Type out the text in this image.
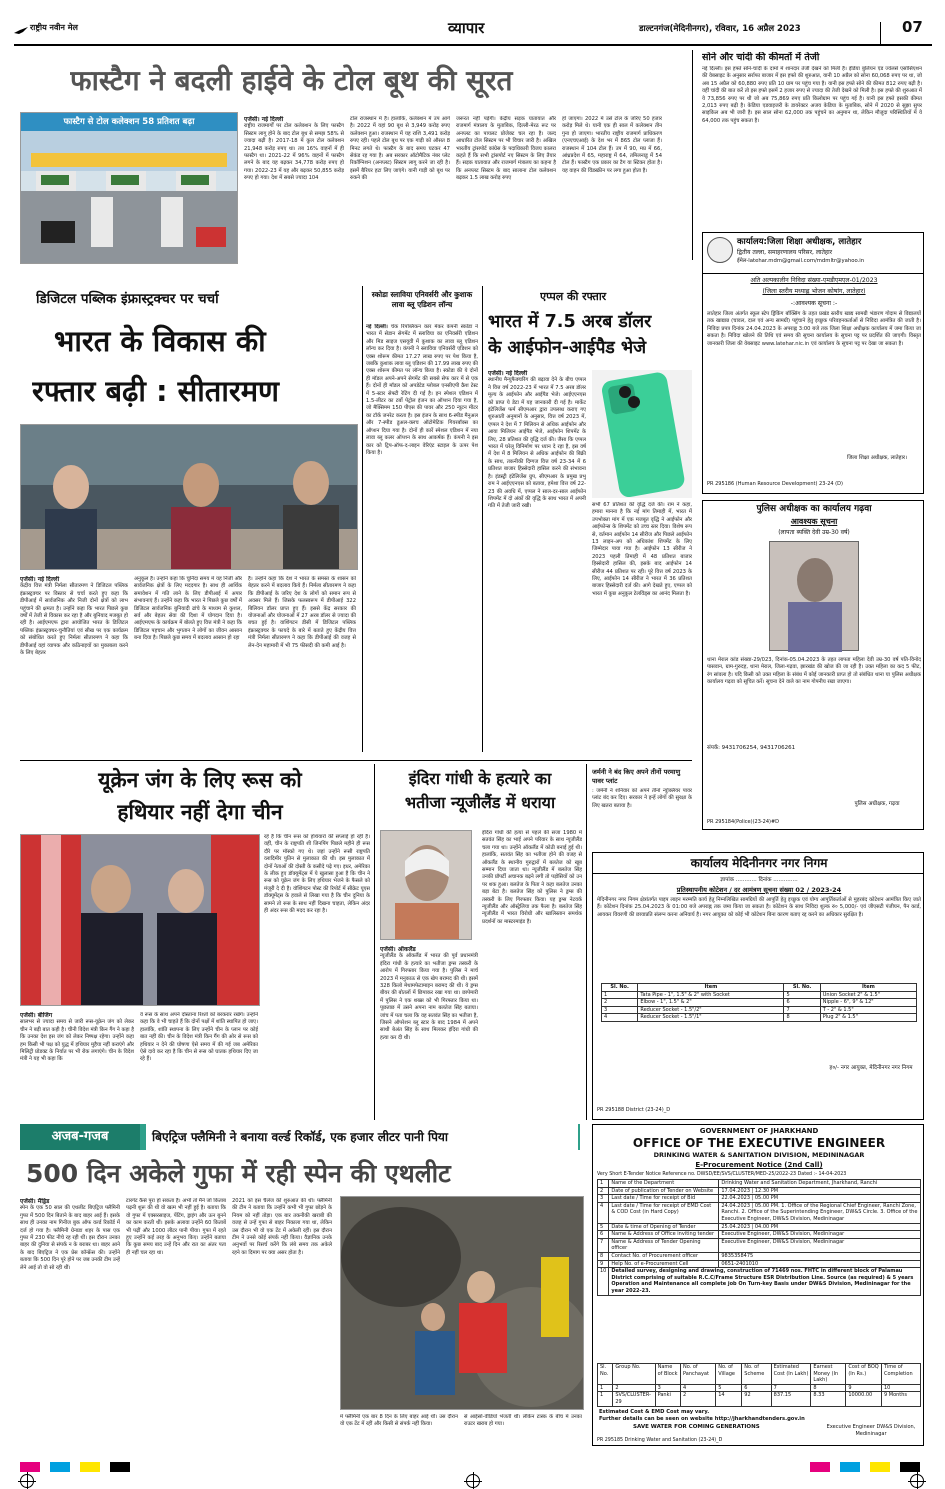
राष्ट्रीय नवीन मेल	व्यापार	डाल्टनगंज(मेदिनीनगर), रविवार, 16 अप्रैल 2023	07
फास्टैग ने बदली हाईवे के टोल बूथ की सूरत
फास्टैग से टोल कलेक्शन 58 प्रतिशत बढ़ा	एजेंसी। नई दिल्ली
राष्ट्रीय राजमार्गों पर टोल कलेक्शन के लिए फास्टैग सिस्टम लागू होने के बाद टोल बूथ से समझ 58% से ज्यादा बढ़ी है। 2017-18 में कुल टोल कलेक्शन 21,948 करोड़ रुपए था। तब 16% वाहनों में ही फास्टैग था। 2021-22 में 96% वाहनों में फास्टैग लगने के बाद यह बढ़कर 34,778 करोड़ रुपए हो गया। 2022-23 में यह और बढ़कर 50,855 करोड़ रुपए हो गया। देश में सबसे ज्यादा 104
टोल राजस्थान में हैं। हालांकि, कलेक्शन में उप आगे है। 2022 में यहां 90 बूथ से 3,949 करोड़ रुपए कलेक्शन हुआ। राजस्थान में यह राशि 3,491 करोड़ रुपए रही। पहले टोल बूथ पर एक गाड़ी को औसत 8 मिनट लगते थे। फास्टैग के बाद समय घटकर 47 सेकंड रह गया है। अब सरकार ऑटोमैटिक नंबर प्लेट रिकॉग्निशन (अनप्लट) सिस्टम लागू करने जा रही है। इसमें बैरियर हटा लिए जाएंगे। यानी गाड़ी को बूथ पर रुकने की
जरूरत नहीं पड़ेगी। केंद्रीय सड़क यातायात और राजमार्ग मंत्रालय के मुताबिक, दिल्ली-मेरठ रूट पर अनप्लट का पायलट प्रोजेक्ट चल रहा है। जल्द आधारित टोल सिस्टम पर भी विचार जारी है। अखिल भारतीय ट्रांसपोर्ट कांग्रेस के पदाधिकारी विजय कालरा कहते हैं कि सभी ट्रांसपोर्ट नए सिस्टम के लिए तैयार हैं। सड़क यातायात और राजमार्ग मंत्रालय का कहना है कि अनप्लट सिस्टम के बाद सालाना टोल कलेक्शन बढ़कर 1.5 लाख करोड़ रुपए
हो जाएगा। 2022 में उसे टोल के जरिए 50 हजार करोड़ मिले थे। यानी एक ही साल में कलेक्शन तीन गुना हो जाएगा। भारतीय राष्ट्रीय राजमार्ग प्राधिकरण (एनएचएआई) के देश भर में 865 टोल प्लाजा हैं। राजस्थान में 104 टोल हैं। उप में 90, मप्र में 66, आंध्रप्रदेश में 65, महाराष्ट्र में 64, तमिलनाडु में 54 टोल हैं। फास्टैग एक प्रकार का टैग या स्टिकर होता है। यह वाहन की विंडस्क्रीन पर लगा हुआ होता है।
सोने और चांदी की कीमतों में तेजी
नई दिल्ली। इस हफ्ते सोने-चांदी के दामों में शानदार तेजी देखने को मिली है। इंडिया बुलियन एंड ज्वेलर्स एसोसिएशन की वेबसाइट के अनुसार सर्राफा बाजार में इस हफ्ते की शुरुआत, यानी 10 अप्रैल को सोना 60,068 रुपए पर था, जो अब 15 अप्रैल को 60,880 रुपए प्रति 10 ग्राम पर पहुंच गया है। यानी इस हफ्ते सोने की कीमत 812 रुपए बढ़ी है। वहीं चांदी की बात करें तो इस हफ्ते इसमें 2 हजार रुपए से ज्यादा की तेजी देखने को मिली है। इस हफ्ते की शुरुआत में ये 73,856 रुपए पर थी जो अब 75,869 रुपए प्रति किलोग्राम पर पहुंच गई है। यानी इस हफ्ते इसकी कीमत 2,013 रुपए बढ़ी है। केडिया एडवाइजरी के डायरेक्टर अजय केडिया के मुताबिक, सोने में 2020 से सुझा सुपर साइकिल अब भी जारी है। इस साल सोना 62,000 तक पहुंचने का अनुमान था, लेकिन मौजूदा परिस्थितियों में ये 64,000 तक पहुंच सकता है।
कार्यालय:जिला शिक्षा अधीक्षक, लातेहार
द्वितीय तल्ला, समाहरणालय परिसर, लातेहार
ईमेल-latehar.mdm@gmail.com/mdmltr@yahoo.in
अति अल्पकालीन निविदा संख्या-एमडीएमएल-01/2023
(जिला स्तरीय मध्याह्न भोजन कोषांग, लातेहार)
-:आवश्यक सूचना :-
लातेहार जिला अंतर्गत स्कूल स्टेप ड्रिंकिंग बॉक्सिंग के तहत प्रखंड स्तरीय खाद्य सामग्री भंडारण गोदाम से विद्यालयों तक खाद्यान्न (चावल, दाल एवं अन्य सामग्री) पहुंचाने हेतु इच्छुक परिवहनकर्ताओं से निविदा आमंत्रित की जाती है। निविदा प्रपत्र दिनांक 24.04.2023 के अपराह्न 3:00 बजे तक जिला शिक्षा अधीक्षक कार्यालय में जमा किया जा सकता है। निविदा खोलने की तिथि एवं समय की सूचना कार्यालय के सूचना पट्ट पर प्रदर्शित की जाएगी। विस्तृत जानकारी जिला की वेबसाइट www.latehar.nic.in एवं कार्यालय के सूचना पट्ट पर देखा जा सकता है।
जिला शिक्षा अधीक्षक, लातेहार।
PR 295186 (Human Resource Development) 23-24 (D)
पुलिस अधीक्षक का कार्यालय गढ़वा
आवश्यक सूचना
(लापता ब्यक्ति देवी उम्र-30 वर्ष)
थाना मेराल कांड संख्या-29/023, दिनांक-05.04.2023 के तहत लापता महिला देवी उम्र-30 वर्ष पति-विनोद पासवान, ग्राम-गुरुदह, थाना मेराल, जिला-गढ़वा, झारखंड की खोज की जा रही है। उक्त महिला का कद 5 फीट, रंग सांवला है। यदि किसी को उक्त महिला के संबंध में कोई जानकारी प्राप्त हो तो संबंधित थाना या पुलिस अधीक्षक कार्यालय गढ़वा को सूचित करें। सूचना देने वाले का नाम गोपनीय रखा जाएगा।
संपर्क: 9431706254, 9431706261
पुलिस अधीक्षक, गढ़वा
PR 295184(Police)(23-24)#D
डिजिटल पब्लिक इंफ्रास्ट्रक्चर पर चर्चा
भारत के विकास की
रफ्तार बढ़ी : सीतारमण
एजेंसी। नई दिल्ली
केंद्रीय वित्त मंत्री निर्मला सीतारमण ने डिजिटल पब्लिक इंफ्रास्ट्रक्चर पर विस्तार से चर्चा करते हुए कहा कि डीपीआई में सार्वजनिक और निजी दोनों क्षेत्रों को लाभ पहुंचाने की क्षमता है। उन्होंने कहा कि भारत पिछले कुछ वर्षों में तेजी से विकास कर रहा है और बुनियाद मजबूत हो रही है। आईएमएफ द्वारा आयोजित भारत के डिजिटल पब्लिक इंफ्रास्ट्रक्चर-चुनौतियां एवं सीख पर एक कार्यक्रम को संबोधित करते हुए निर्मला सीतारमण ने कहा कि डीपीआई वहां व्यापक और कठिनाइयों का मुकाबला करने के लिए बेहतर
अनुकूल है। उन्होंने कहा कि चुनिंदा समय में यह निजी और सार्वजनिक क्षेत्रों के लिए मददगार है। साथ ही आर्थिक समावेशन में गति लाने के लिए डीपीआई में अपार संभावनाएं हैं। उन्होंने कहा कि भारत ने पिछले कुछ वर्षों में डिजिटल सार्वजनिक बुनियादी ढांचे के माध्यम से कुशल, सर्व और बेहतर सेवा की दिशा में योगदान दिया है। आईएमएफ के कार्यक्रम में बोलते हुए वित्त मंत्री ने कहा कि डिजिटल पहचान और भुगतान ने लोगों का जीवन आसान बना दिया है। पिछले कुछ समय में बदलाव आसान हो रहा
है। उन्होंने कहा कि देश ने भारत के समस्त के शासन को बेहतर करने में बदलाव किये हैं। निर्मला सीतारमण ने कहा कि डीपीआई के जरिए देश के लोगों को समान रूप से अवसर मिले हैं। जिसके फलस्वरूप में डीपीआई 322 बिलियन डॉलर प्राप्त हुए हैं। इससे केंद्र सरकार की योजनाओं और योजनाओं में 27 अरब डॉलर से ज्यादा की बचत हुई है। वाशिंगटन डीसी में डिजिटल पब्लिक इंफ्रास्ट्रक्चर के फायदे के बारे में बताते हुए केंद्रीय वित्त मंत्री निर्मला सीतारमण ने कहा कि डीपीआई की वजह से लेन-देन महामारी में भी 75 फीसदी की कमी आई है।
स्कोडा स्लाविया एनिवर्सरी और कुशाक लावा ब्लू एडिशन लॉन्च
नई दिल्ली। चेक रिपब्लिकन कार मेकर कंपनी स्कोडा ने भारत में सेडान सेगमेंट में स्लाविया का एनिवर्सरी एडिशन और मिड साइज एसयूवी में कुशाक का लावा ब्लू एडिशन लॉन्च कर दिया है। कंपनी ने स्लाविया एनिवर्सरी एडिशन को एक्स शोरूम कीमत 17.27 लाख रुपए पर पेश किया है, जबकि कुशाक लावा ब्लू एडिशन की 17.99 लाख रुपए की एक्स शोरूम कीमत पर लॉन्च किया है। स्कोडा की ये दोनों ही मॉडल अपने-अपने सेगमेंट की सबसे सेफ कार में से एक हैं। दोनों ही मॉडल को अपडेटेड ग्लोबल एनसीएपी क्रैश टेस्ट में 5-स्टार सेफ्टी रेटिंग दी गई है। इन स्पेशल एडिशन में 1.5-लीटर का टर्बो पेट्रोल इंजन का ऑप्शन दिया गया है, जो मैक्सिमम 150 पीएस की पावर और 250 न्यूटन मीटर का टॉर्क जनरेट करता है। इस इंजन के साथ 6-स्पीड मैनुअल और 7-स्पीड डुअल-क्लच ऑटोमेटिक गियरबॉक्स का ऑप्शन दिया गया है। दोनों ही कारें स्पेशल एडिशन में नया लावा ब्लू कलर ऑप्शन के साथ आकर्षक हैं। कंपनी ने इस कार को ट्रिप-ऑफ-द-लाइन वेरिएंट स्टाइल के ऊपर पेश किया है।
एप्पल की रफ्तार
भारत में 7.5 अरब डॉलर
के आईफोन-आईपैड भेजे
एजेंसी। नई दिल्ली
स्थानीय मैन्युफैक्चरिंग की बढ़ावा देने के बीच एप्पल ने वित्त वर्ष 2022-23 में भारत में 7.5 अरब डॉलर मूल्य के आईफोन और आईपैड भेजे। आईएएनएस को प्राप्त ये डेटा में यह जानकारी दी गई है। मार्केट इंटेलिजेंस फर्म सीएमआर द्वारा उपलब्ध कराए गए शुरुआती अनुमानों के अनुसार, वित्त वर्ष 2023 में, एप्पल ने देश में 7 मिलियन से अधिक आईफोन और आया मिलियन आईपैड भेजे, आईफोन शिपमेंट के लिए, 28 प्रतिशत की वृद्धि दर्ज की। जैसा कि एप्पल भारत में घरेलू विनिर्माण पर ध्यान दे रहा है, इस वर्ष में देश में 8 मिलियन से अधिक आईफोन की बिक्री के साथ, तकनीकी दिग्गज वित्त वर्ष 23-34 में 6 प्रतिशत बाजार हिस्सेदारी हासिल करने की संभावना है। इंडस्ट्री इंटेलिजेंस ग्रुप, सीएमआर के प्रमुख प्रभु राम ने आईएएनएस को बताया, हमेशा वित्त वर्ष 22-23 की अवधि में, एप्पल ने साल-दर-साल आईफोन शिपमेंट में दो अंकों की वृद्धि के साथ भारत में अपनी गति में तेजी जारी रखी।	सभी 67 प्रतिशत की वृद्धि दर्ज की। राम ने कहा, हमारा मानना है कि नई मांग तिमाही में, भारत में उपभोक्ता मांग में एक मजबूत वृद्धि ने आईफोन और आईफोन्स के शिपमेंट को उच्च स्तर दिया। विशेष रूप से, वर्तमान आईफोन 14 सीरीज और पिछले आईफोन 13 लाइन-अप को अधिकांश शिपमेंट के लिए जिम्मेदार पाया गया है। आईफोन 13 सीरीज ने 2023 पहली तिमाही में 48 प्रतिशत बाजार हिस्सेदारी हासिल की, इसके बाद आईफोन 14 सीरीज 44 प्रतिशत पर रही। पूरे वित्त वर्ष 2023 के लिए, आईफोन 14 सीरीज ने भारत में 36 प्रतिशत बाजार हिस्सेदारी दर्ज की। आगे देखते हुए, एप्पल को भारत में कुछ अनुकूल टेलविंड्स का आनंद मिलता है।
यूक्रेन जंग के लिए रूस को
हथियार नहीं देगा चीन
एजेंसी। बीजिंग
सालभर से ज्यादा समय से जारी रूस-यूक्रेन जंग को लेकर चीन ने बड़ी बात कही है। चीनी विदेश मंत्री किन गैंग ने कहा है कि उनका देश इस जंग को लेकर निष्पक्ष रहेगा। उन्होंने कहा हम किसी भी पक्ष को युद्ध में हथियार मुहैया नहीं कराएंगे और मिलिट्री प्रोडक्ट के निर्यात पर भी रोक लगाएंगे। चीन के विदेश मंत्री ने यह भी कहा कि
वे रूस के साथ अपने दोस्ताना रिश्तों को बरकरार रखेंगे। उन्होंने कहा कि वे भी चाहते हैं कि दोनों पक्षों में शांति स्थापित हो जाए। हालांकि, शांति स्थापना के लिए उन्होंने चीन के प्लान पर कोई बात नहीं की। चीन के विदेश मंत्री किन गैंग की ओर से रूस को हथियार न देने की घोषणा ऐसे समय में की गई जब अमेरिका ऐसे दावे कर रहा है कि चीन से रूस को घातक हथियार दिए जा रहे हैं।
रहे हैं कि चीन रूस को हथियारों की सप्लाई हो रही है। वहीं, चीन के राष्ट्रपति शी जिनपिंग पिछले महीने ही रूस दौरे पर मॉस्को गए थे। जहां उन्होंने रूसी राष्ट्रपति व्लादिमीर पुतिन से मुलाकात की थी। इस मुलाकात में दोनों नेताओं की दोस्ती के कसीदे पढ़े गए। इधर, अमेरिका के लीक हुए डॉक्यूमेंट्स में ये खुलासा हुआ है कि चीन ने रूस को यूक्रेन जंग के लिए हथियार भेजने के फैसले को मंजूरी दे दी है। वॉशिंगटन पोस्ट की रिपोर्ट में सीक्रेट यूएस डॉक्यूमेंट्स के हवाले से लिखा गया है कि चीन दुनिया के सामने तो रूस के साथ नहीं दिखना चाहता, लेकिन अंदर ही अंदर रूस की मदद कर रहा है।
इंदिरा गांधी के हत्यारे का
भतीजा न्यूजीलैंड में धराया
एजेंसी। ऑकलैंड
न्यूजीलैंड के ऑकलैंड में भारत की पूर्व प्रधानमंत्री इंदिरा गांधी के हत्यारे का भतीजा ड्रग्स तस्करी के आरोप में गिरफ्तार किया गया है। पुलिस ने मार्च 2023 में मनुकाऊ से एक खेप बरामद की थी। इसमें 328 किलो मेथामफेटामाइन बरामद की थी। ये ड्रग्स बीयर की बोतलों में छिपाकर रखा गया था। छापेमारी में पुलिस ने एक शख्स को भी गिरफ्तार किया था। पूछताछ में उसने अपना नाम बलतेज सिंह बताया। जांच में पता चला कि वह सतवंत सिंह का भतीजा है, जिसने ऑपरेशन ब्लू स्टार के बाद 1984 में अपने साथी बेअंत सिंह के साथ मिलकर इंदिरा गांधी की हत्या कर दी थी।
इंदिरा गांधी की हत्या से पहले की सजा 1980 में सतवंत सिंह का भाई अपने परिवार के साथ न्यूजीलैंड चला गया था। उन्होंने ऑकलैंड में कोठी बनाई हुई थी। हालांकि, सतवंत सिंह का भतीजा होने की वजह से ऑकलैंड के स्थानीय गुरुद्वारों में बलतेज को खूब सम्मान दिया जाता था। न्यूजीलैंड में बलतेज सिंह उनकी प्रॉपर्टी अचानक बढ़ने लगी तो पड़ोसियों को उन पर शक हुआ। बलतेज के पिता ने कहा बलतेज उनका बड़ा बेटा है। बलतेज सिंह को पुलिस ने ड्रग्स की तस्करी के लिए गिरफ्तार किया। यह ड्रग्स नेटवर्क न्यूजीलैंड और ऑस्ट्रेलिया तक फैला है। बलतेज सिंह न्यूजीलैंड में भारत विरोधी और खालिस्तान समर्थक प्रदर्शनों का मास्टरमाइंड है।
जर्मनी ने बंद किए अपने तीनों परमाणु पावर प्लांट
: जर्मनी ने शनिवार को अपने तीनों न्यूक्लियर पावर प्लांट बंद कर दिए। सरकार ने इन्हें लोगों की सुरक्षा के लिए खतरा बताया है।
कार्यालय मेदिनीनगर नगर निगम
ज्ञापांक ............ दिनांक ..............
प्रतिस्थापनीय कोटेशन / दर आमंत्रण सूचना संख्या 02 / 2023-24
मेदिनीनगर नगर निगम क्षेत्रांतर्गत पाइप लाइन मरम्मति कार्य हेतु निम्नलिखित सामग्रियों की आपूर्ति हेतु इच्छुक एवं योग्य आपूर्तिकर्ताओं से मुहरबंद कोटेशन आमंत्रित किए जाते हैं। कोटेशन दिनांक 25.04.2023 के 01:00 बजे अपराह्न तक जमा किया जा सकता है। कोटेशन के साथ निविदा शुल्क रु० 5,000/- एवं जीएसटी पंजीयन, पैन कार्ड, आयकर विवरणी की छायाप्रति संलग्न करना अनिवार्य है। नगर आयुक्त को कोई भी कोटेशन बिना कारण बताए रद्द करने का अधिकार सुरक्षित है।
Sl. No.	Item	Sl. No.	Item
1	Tata Pipe - 1", 1.5" & 2" with Socket	5	Union Socket 2" & 1.5"
2	Elbow - 1", 1.5" & 2"	6	Nipple - 6", 9" & 12"
3	Reducer Socket - 1.5"/2"	7	T - 2" & 1.5"
4	Reducer Socket - 1.5"/1"	8	Plug 2" & 1.5"
ह०/- नगर आयुक्त, मेदिनीनगर नगर निगम
PR 295188 District (23-24)_D
अजब-गजब	बिएट्रिज फ्लैमिनी ने बनाया वर्ल्ड रिकॉर्ड, एक हजार लीटर पानी पिया
500 दिन अकेले गुफा में रही स्पेन की एथलीट
एजेंसी। मैड्रिड
स्पेन के एक 50 साल की एथलीट बिएट्रिज फ्लैमिनी गुफा में 500 दिन बिताने के बाद बाहर आई हैं। इसके साथ ही उनका नाम गिनीज बुक ऑफ वर्ल्ड रिकॉर्ड में दर्ज हो गया है। फ्लैमिनी ग्रेनाडा शहर के पास एक गुफा में 230 फीट नीचे रह रही थीं। इस दौरान उनका बाहर की दुनिया से संपर्क न के बराबर था। बाहर आने के बाद बिएट्रिज ने एक प्रेस कॉन्फ्रेंस की। उन्होंने बताया कि 500 दिन पूरे होने पर जब उनकी टीम उन्हें लेने आई तो वो सो रही थीं।
टारगेट कैसे पूरा हो सकता है। अभी तो मैंने जो किताब पढ़नी शुरू की थी वो खत्म भी नहीं हुई है। बताया कि वो गुफा में एक्सरसाइज, पेंटिंग, ड्राइंग और ऊन बुनने का काम करती थीं। इसके अलावा उन्होंने 60 किताबें भी पढ़ीं और 1000 लीटर पानी पीया। गुफा में रहते हुए उन्होंने कई तरह के अनुभव किए। उन्होंने बताया कि कुछ समय बाद उन्हें दिन और रात का अंतर पता ही नहीं चल रहा था।
2021 को इस चैलेंज की शुरुआत की थी। फ्लैमिनी की टीम ने बताया कि उन्होंने कभी भी गुफा छोड़ने के नियम को नहीं तोड़ा। एक बार तकनीकी खराबी की वजह से उन्हें गुफा से बाहर निकाला गया था, लेकिन उस दौरान भी वो एक टेंट में अकेली रहीं। इस दौरान टीम ने उनसे कोई संपर्क नहीं किया। वैज्ञानिक उनके अनुभवों पर रिसर्च करेंगे कि लंबे समय तक अकेले रहने का दिमाग पर क्या असर होता है।
में फ्लैमिनी एक बार 8 दिन के लिए बाहर आई थीं। उस दौरान वो एक टेंट में रहीं और किसी से संपर्क नहीं किया।
से आईसो-वीडियो भेजती थीं। लेकिन टास्क के बीच में उनका राउटर खराब हो गया।
GOVERNMENT OF JHARKHAND
OFFICE OF THE EXECUTIVE ENGINEER
DRINKING WATER & SANITATION DIVISION, MEDININAGAR
E-Procurement Notice (2nd Call)
Very Short E-Tender Notice Reference no. DWSD/EE/SVS/CLUSTER/MED-25/2022-23 Dated :- 14-04-2023
1	Name of the Department	Drinking Water and Sanitation Department, Jharkhand, Ranchi
2	Date of publication of Tender on Website	17.04.2023 | 12.30 PM
3	Last date / Time for receipt of Bid	22.04.2023 | 05.00 PM
4	Last date / Time for receipt of EMD Cost & COD Cost (in Hard Copy)	24.04.2023 | 05.00 PM. 1. Office of the Regional Chief Engineer, Ranchi Zone, Ranchi. 2. Office of the Superintending Engineer, DW&S Circle. 3. Office of the Executive Engineer, DW&S Division, Medininagar
5	Date & time of Opening of Tender	25.04.2023 | 04.00 PM
6	Name & Address of Office inviting tender	Executive Engineer, DW&S Division, Medininagar
7	Name & Address of Tender Opening officer	Executive Engineer, DW&S Division, Medininagar
8	Contact No. of Procurement officer	9835358475
9	Help No. of e-Procurement Cell	0651-2401010
10	Detailed survey, designing and drawing, construction of 71469 nos. FHTC in different block of Palamau District comprising of suitable R.C.C/Frame Structure ESR Distribution Line. Source (as required) & 5 years Operation and Maintenance all complete job On Turn-key Basis under DW&S Division, Medininagar for the year 2022-23.	
Sl. No.	Group No.	Name of Block	No. of Panchayat	No. of Village	No. of Scheme	Estimated Cost (In Lakh)	Earnest Money (In Lakh)	Cost of BOQ (In Rs.)	Time of Completion
1	2	3	4	5	6	7	8	9	10
1	SVS/CLUSTER-29	Panki	2	14	92	837.15	8.33	10000.00	9 Months
Estimated Cost & EMD Cost may vary.
Further details can be seen on website http://jharkhandtenders.gov.in
SAVE WATER FOR COMING GENERATIONS	Executive Engineer DW&S Division, Medininagar
PR 295185 Drinking Water and Sanitation (23-24)_D
